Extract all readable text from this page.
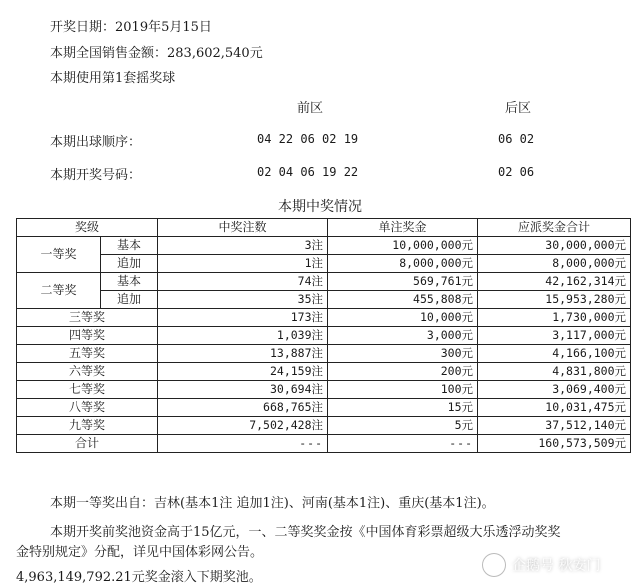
开奖日期：2019年5月15日
本期全国销售金额：283,602,540元
本期使用第1套摇奖球
前区	后区
本期出球顺序：	04 22 06 02 19	06 02
本期开奖号码：	02 04 06 19 22	02 06
本期中奖情况
奖级		中奖注数	单注奖金	应派奖金合计
一等奖	基本	3注	10,000,000元	30,000,000元
	追加	1注	8,000,000元	8,000,000元
二等奖	基本	74注	569,761元	42,162,314元
	追加	35注	455,808元	15,953,280元
三等奖		173注	10,000元	1,730,000元
四等奖		1,039注	3,000元	3,117,000元
五等奖		13,887注	300元	4,166,100元
六等奖		24,159注	200元	4,831,800元
七等奖		30,694注	100元	3,069,400元
八等奖		668,765注	15元	10,031,475元
九等奖		7,502,428注	5元	37,512,140元
合计		---	---	160,573,509元
本期一等奖出自：吉林(基本1注 追加1注)、河南(基本1注)、重庆(基本1注)。
本期开奖前奖池资金高于15亿元，一、二等奖奖金按《中国体育彩票超级大乐透浮动奖奖
金特别规定》分配，详见中国体彩网公告。
4,963,149,792.21元奖金滚入下期奖池。
企鹅号 秋安门
